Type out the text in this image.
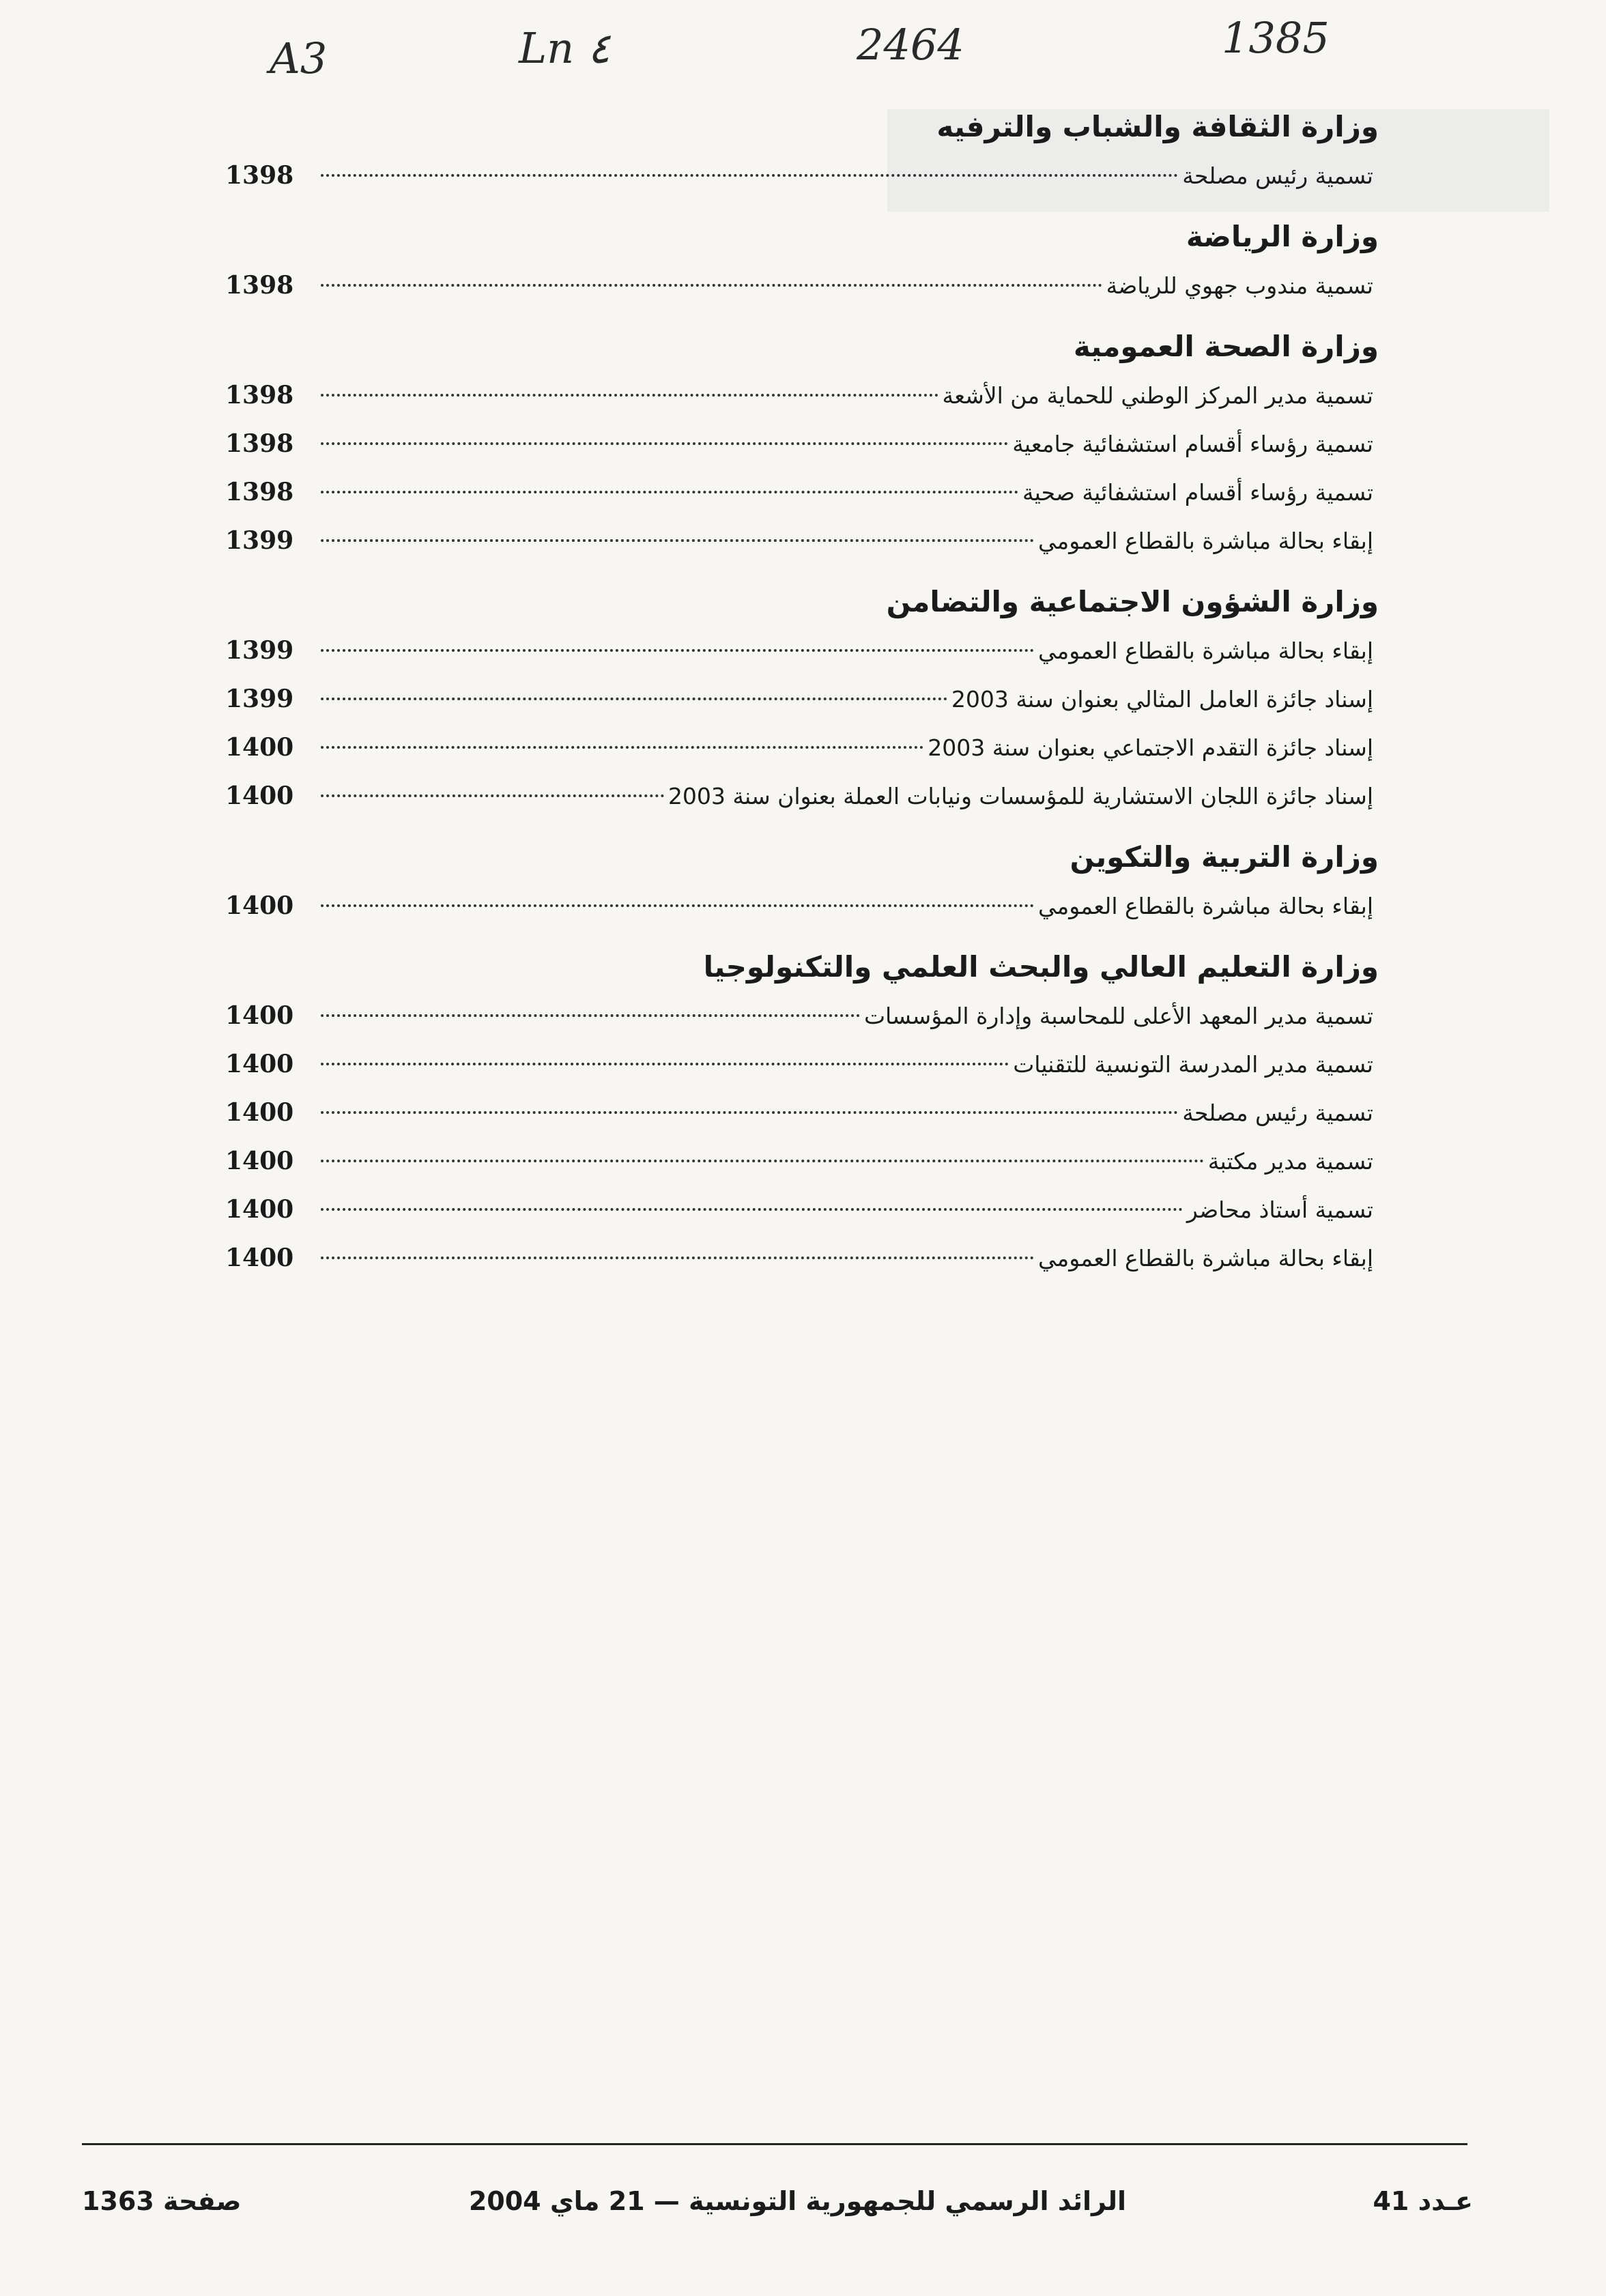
A3	Ln ٤	2464	1385
وزارة الثقافة والشباب والترفيه
1398	تسمية رئيس مصلحة
وزارة الرياضة
1398	تسمية مندوب جهوي للرياضة
وزارة الصحة العمومية
1398	تسمية مدير المركز الوطني للحماية من الأشعة
1398	تسمية رؤساء أقسام استشفائية جامعية
1398	تسمية رؤساء أقسام استشفائية صحية
1399	إبقاء بحالة مباشرة بالقطاع العمومي
وزارة الشؤون الاجتماعية والتضامن
1399	إبقاء بحالة مباشرة بالقطاع العمومي
1399	إسناد جائزة العامل المثالي بعنوان سنة 2003
1400	إسناد جائزة التقدم الاجتماعي بعنوان سنة 2003
1400	إسناد جائزة اللجان الاستشارية للمؤسسات ونيابات العملة بعنوان سنة 2003
وزارة التربية والتكوين
1400	إبقاء بحالة مباشرة بالقطاع العمومي
وزارة التعليم العالي والبحث العلمي والتكنولوجيا
1400	تسمية مدير المعهد الأعلى للمحاسبة وإدارة المؤسسات
1400	تسمية مدير المدرسة التونسية للتقنيات
1400	تسمية رئيس مصلحة
1400	تسمية مدير مكتبة
1400	تسمية أستاذ محاضر
1400	إبقاء بحالة مباشرة بالقطاع العمومي
عـدد 41
الرائد الرسمي للجمهورية التونسية — 21 ماي 2004
صفحة 1363
